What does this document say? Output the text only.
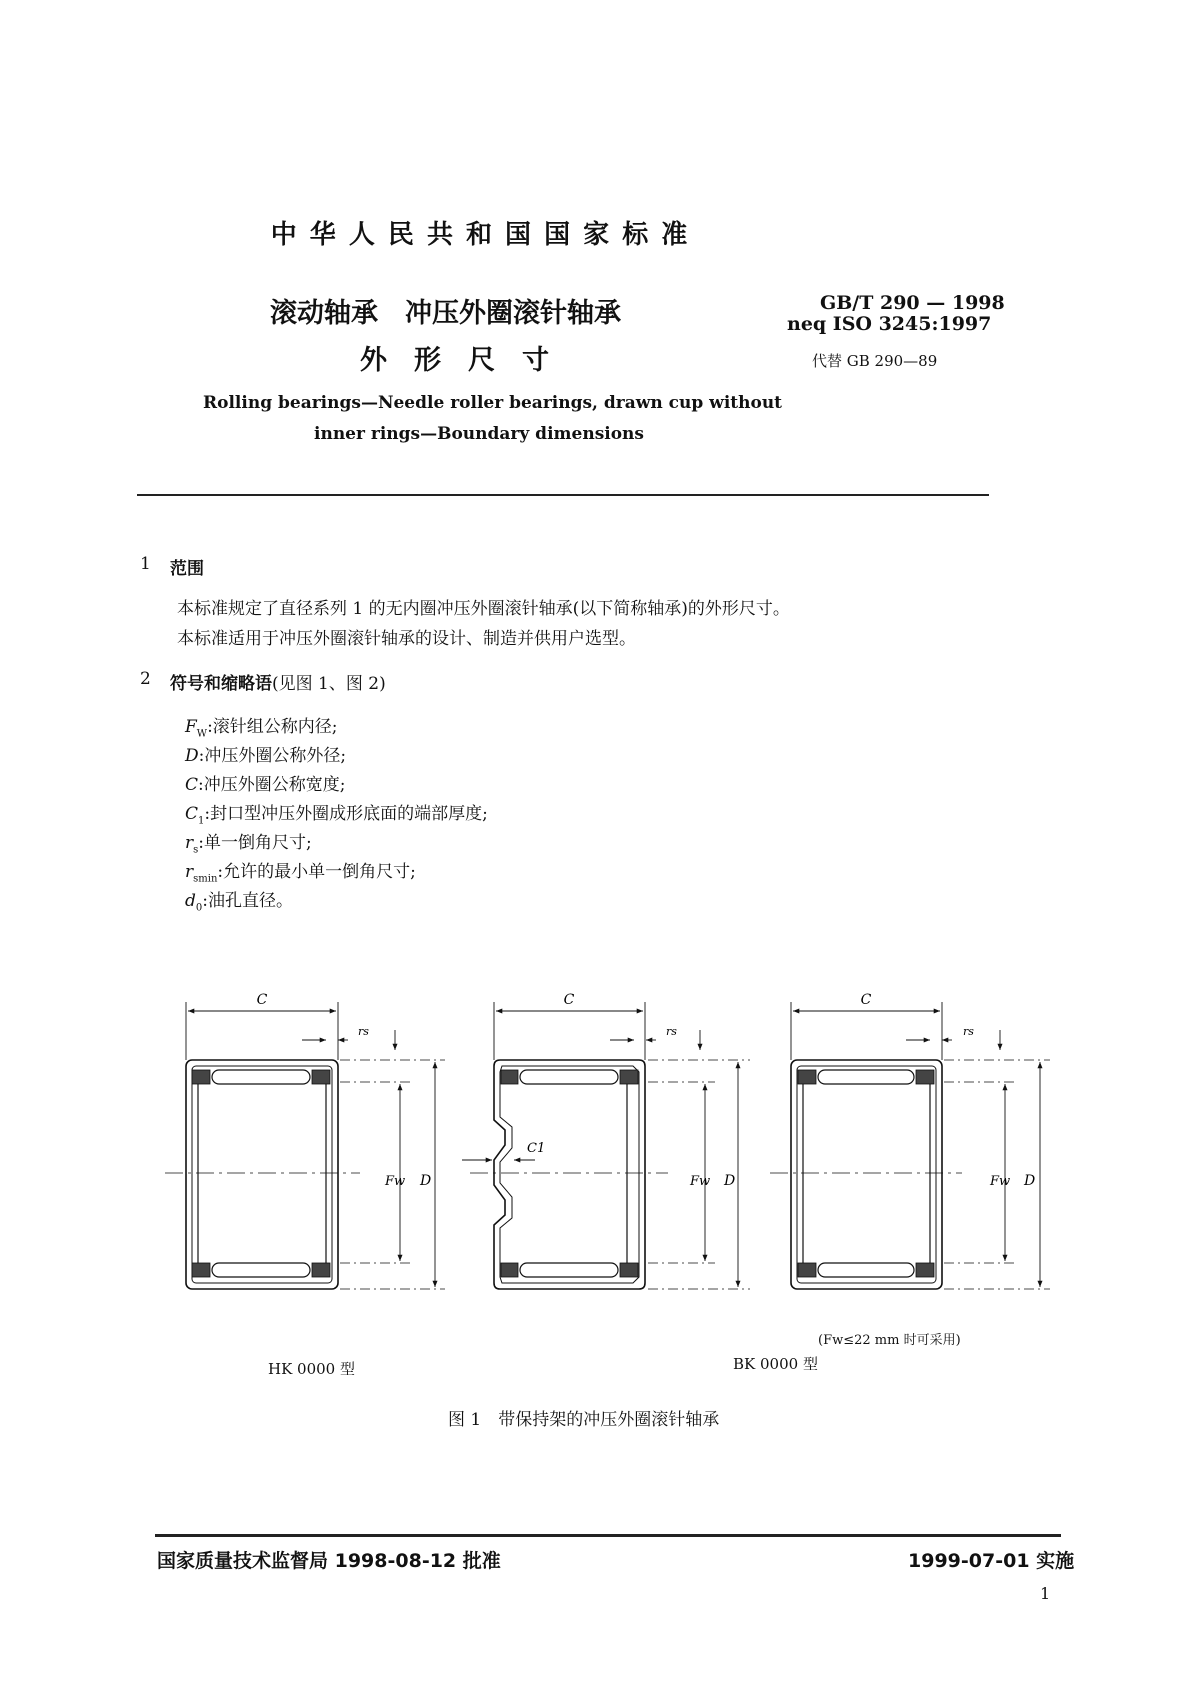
中 华 人 民 共 和 国 国 家 标 准
滚动轴承　冲压外圈滚针轴承
外　形　尺　寸
GB/T 290 — 1998
neq ISO 3245:1997
代替 GB 290—89
Rolling bearings—Needle roller bearings, drawn cup without
inner rings—Boundary dimensions
1 范围
本标准规定了直径系列 1 的无内圈冲压外圈滚针轴承(以下简称轴承)的外形尺寸。
本标准适用于冲压外圈滚针轴承的设计、制造并供用户选型。
2 符号和缩略语(见图 1、图 2)
$F_W$:滚针组公称内径;
D:冲压外圈公称外径;
C:冲压外圈公称宽度;
$C_1$:封口型冲压外圈成形底面的端部厚度;
$r_s$:单一倒角尺寸;
$r_{smin}$:允许的最小单一倒角尺寸;
$d_0$:油孔直径。
C	C	C
rs	rs	rs
C1
Fw	Fw	Fw
D	D	D
(Fw≤22 mm 时可采用)
HK 0000 型	BK 0000 型
图 1　带保持架的冲压外圈滚针轴承
国家质量技术监督局 1998-08-12 批准	1999-07-01 实施
1
